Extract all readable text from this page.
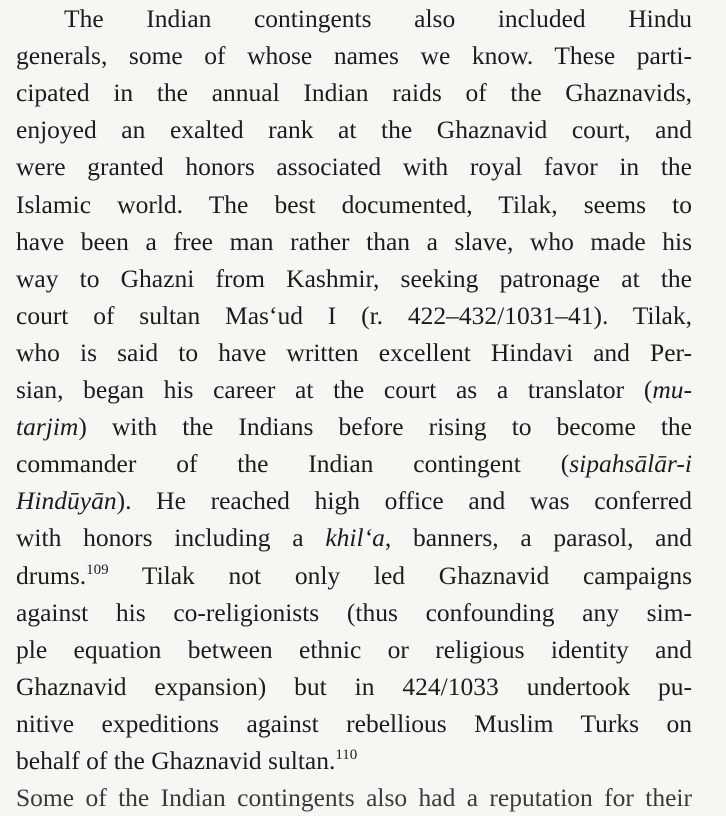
The Indian contingents also included Hindu
generals, some of whose names we know. These parti-
cipated in the annual Indian raids of the Ghaznavids,
enjoyed an exalted rank at the Ghaznavid court, and
were granted honors associated with royal favor in the
Islamic world. The best documented, Tilak, seems to
have been a free man rather than a slave, who made his
way to Ghazni from Kashmir, seeking patronage at the
court of sultan Mas‘ud I (r. 422–432/1031–41). Tilak,
who is said to have written excellent Hindavi and Per-
sian, began his career at the court as a translator (mu-
tarjim) with the Indians before rising to become the
commander of the Indian contingent (sipahsālār-i
Hindūyān). He reached high office and was conferred
with honors including a khil‘a, banners, a parasol, and
drums.$^{109}$ Tilak not only led Ghaznavid campaigns
against his co-religionists (thus confounding any sim-
ple equation between ethnic or religious identity and
Ghaznavid expansion) but in 424/1033 undertook pu-
nitive expeditions against rebellious Muslim Turks on
behalf of the Ghaznavid sultan.$^{110}$
Some of the Indian contingents also had a reputation for their
